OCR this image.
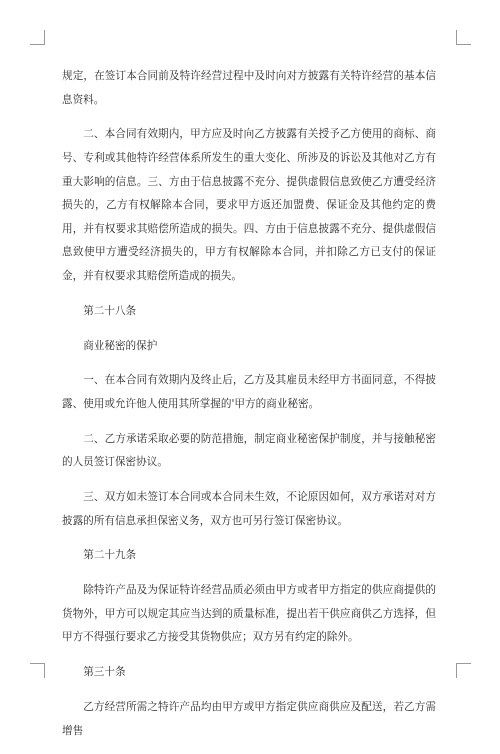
规定，在签订本合同前及特许经营过程中及时向对方披露有关特许经营的基本信息资料。

二、本合同有效期内，甲方应及时向乙方披露有关授予乙方使用的商标、商号、专利或其他特许经营体系所发生的重大变化、所涉及的诉讼及其他对乙方有重大影响的信息。三、方由于信息披露不充分、提供虚假信息致使乙方遭受经济损失的，乙方有权解除本合同，要求甲方返还加盟费、保证金及其他约定的费用，并有权要求其赔偿所造成的损失。四、方由于信息披露不充分、提供虚假信息致使甲方遭受经济损失的，甲方有权解除本合同，并扣除乙方已支付的保证金，并有权要求其赔偿所造成的损失。

第二十八条

商业秘密的保护

一、在本合同有效期内及终止后，乙方及其雇员未经甲方书面同意，不得披露、使用或允许他人使用其所掌握的'甲方的商业秘密。

二、乙方承诺采取必要的防范措施，制定商业秘密保护制度，并与接触秘密的人员签订保密协议。

三、双方如未签订本合同或本合同未生效，不论原因如何，双方承诺对对方披露的所有信息承担保密义务，双方也可另行签订保密协议。

第二十九条

除特许产品及为保证特许经营品质必须由甲方或者甲方指定的供应商提供的货物外，甲方可以规定其应当达到的质量标准，提出若干供应商供乙方选择，但甲方不得强行要求乙方接受其货物供应；双方另有约定的除外。

第三十条

乙方经营所需之特许产品均由甲方或甲方指定供应商供应及配送，若乙方需增售
